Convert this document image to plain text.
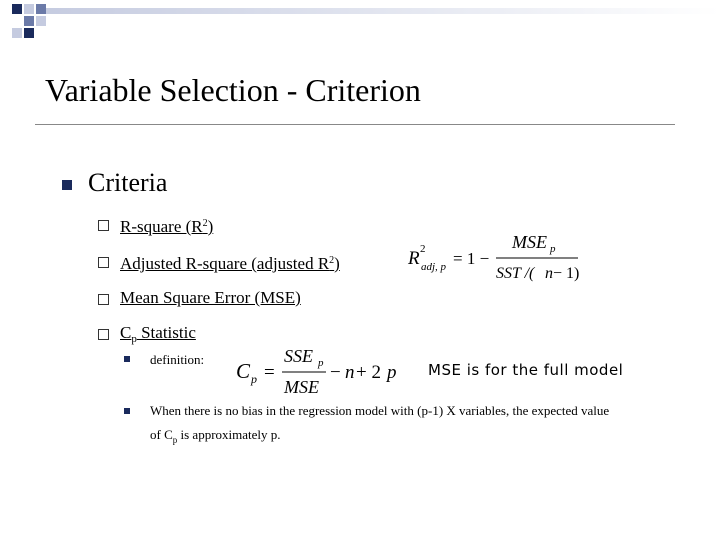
Variable Selection - Criterion
Criteria
R-square $(R^2)$
Adjusted R-square (adjusted $R^2$)
Mean Square Error (MSE)
$C_p$ Statistic
R 2
adj, p = 1 −
MSE p
SST /( n − 1)
definition: C p =
SSE p
MSE
− n + 2 p MSE is for the full model
When there is no bias in the regression model with (p-1) X variables, the expected value
of $C_p$ is approximately p.
